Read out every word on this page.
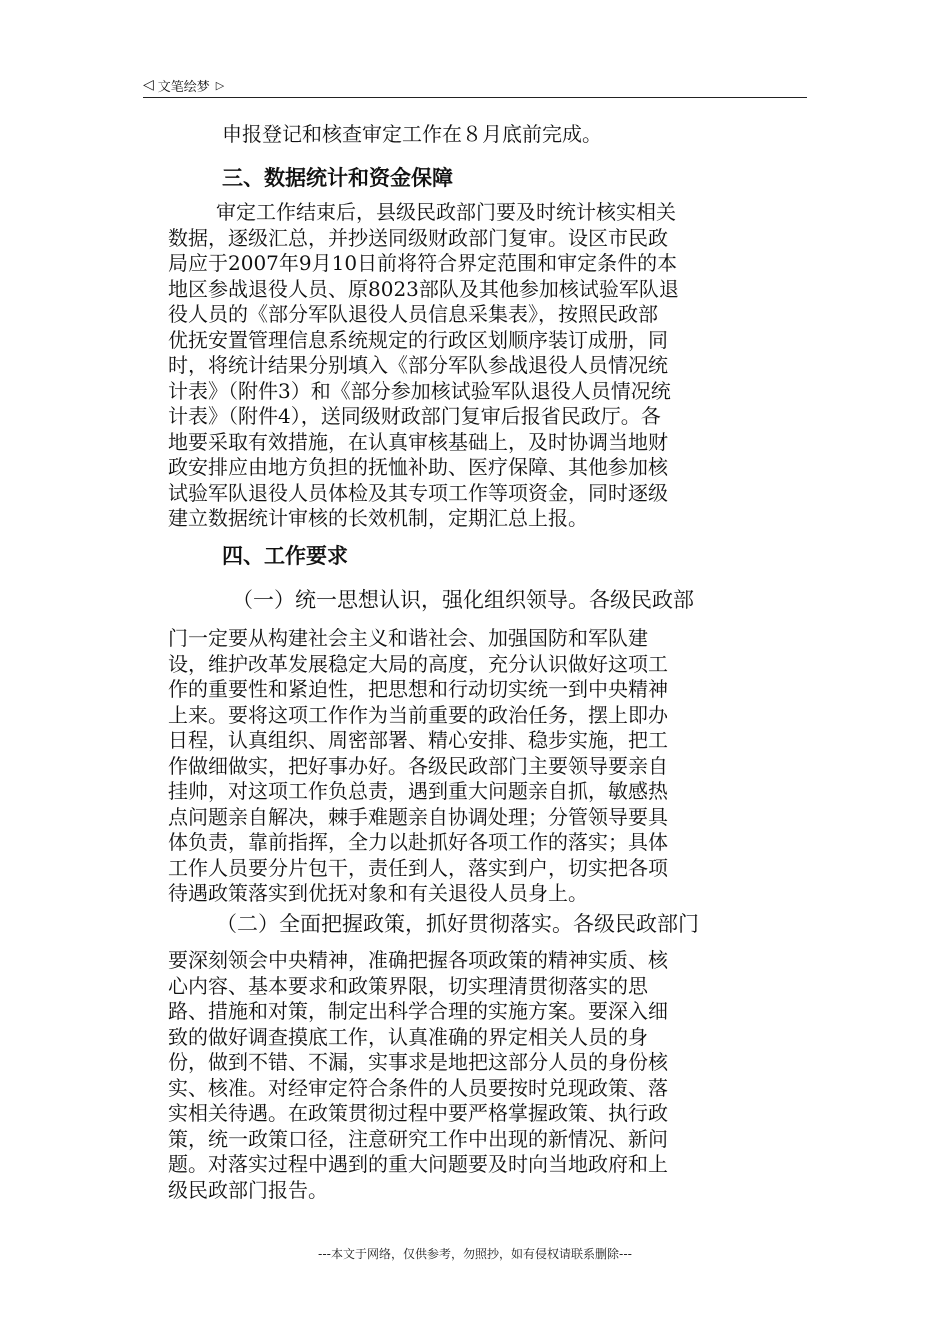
◁ 文笔绘梦 ▷
申报登记和核查审定工作在８月底前完成。
三、数据统计和资金保障
审定工作结束后，县级民政部门要及时统计核实相关
数据，逐级汇总，并抄送同级财政部门复审。设区市民政
局应于2007年9月10日前将符合界定范围和审定条件的本
地区参战退役人员、原8023部队及其他参加核试验军队退
役人员的《部分军队退役人员信息采集表》，按照民政部
优抚安置管理信息系统规定的行政区划顺序装订成册，同
时，将统计结果分别填入《部分军队参战退役人员情况统
计表》（附件3）和《部分参加核试验军队退役人员情况统
计表》（附件4），送同级财政部门复审后报省民政厅。各
地要采取有效措施，在认真审核基础上，及时协调当地财
政安排应由地方负担的抚恤补助、医疗保障、其他参加核
试验军队退役人员体检及其专项工作等项资金，同时逐级
建立数据统计审核的长效机制，定期汇总上报。
四、工作要求
（一）统一思想认识，强化组织领导。各级民政部
门一定要从构建社会主义和谐社会、加强国防和军队建
设，维护改革发展稳定大局的高度，充分认识做好这项工
作的重要性和紧迫性，把思想和行动切实统一到中央精神
上来。要将这项工作作为当前重要的政治任务，摆上即办
日程，认真组织、周密部署、精心安排、稳步实施，把工
作做细做实，把好事办好。各级民政部门主要领导要亲自
挂帅，对这项工作负总责，遇到重大问题亲自抓，敏感热
点问题亲自解决，棘手难题亲自协调处理；分管领导要具
体负责，靠前指挥，全力以赴抓好各项工作的落实；具体
工作人员要分片包干，责任到人，落实到户，切实把各项
待遇政策落实到优抚对象和有关退役人员身上。
（二）全面把握政策，抓好贯彻落实。各级民政部门
要深刻领会中央精神，准确把握各项政策的精神实质、核
心内容、基本要求和政策界限，切实理清贯彻落实的思
路、措施和对策，制定出科学合理的实施方案。要深入细
致的做好调查摸底工作，认真准确的界定相关人员的身
份，做到不错、不漏，实事求是地把这部分人员的身份核
实、核准。对经审定符合条件的人员要按时兑现政策、落
实相关待遇。在政策贯彻过程中要严格掌握政策、执行政
策，统一政策口径，注意研究工作中出现的新情况、新问
题。对落实过程中遇到的重大问题要及时向当地政府和上
级民政部门报告。
---本文于网络，仅供参考，勿照抄，如有侵权请联系删除---
